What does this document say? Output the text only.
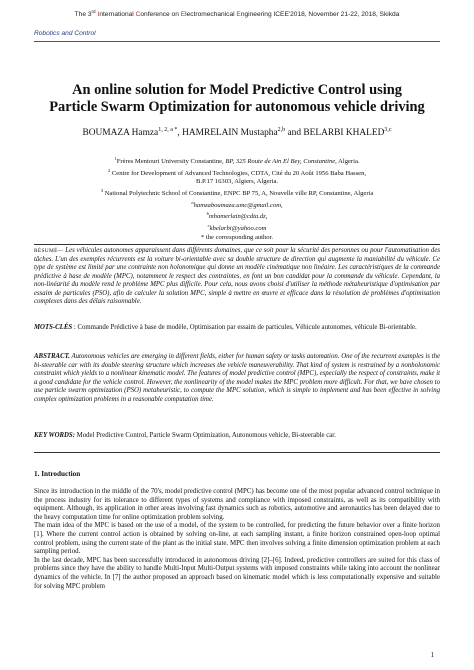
The 3rd International Conference on Electromechanical Engineering ICEE'2018, November 21-22, 2018, Skikda
Robotics and Control
An online solution for Model Predictive Control using
Particle Swarm Optimization for autonomous vehicle driving
BOUMAZA Hamza$^{1, 2, a *}$, HAMRELAIN Mustapha$^{2,b}$ and BELARBI KHALED$^{3,c}$
$^1$Frères Mentouri University Constantine, BP, 325 Route de Ain El Bey, Constantine, Algeria.
$^2$ Centre for Development of Advanced Technologies, CDTA, Cité du 20 Août 1956 Baba Hassen,
B.P.17 16303, Algiers, Algeria.
$^3$ National Polytechnic School of Constantine, ENPC BP 75, A, Nouvelle ville RP, Constantine, Algeria
$^a$hamzaboumaza.umc@gmail.com,
$^b$mhamerlain@cdta.dz,
$^c$kbelarbi@yahoo.com
* the corresponding author.
RÉSUMÉ— Les véhicules autonomes apparaissent dans différents domaines, que ce soit pour la sécurité des personnes ou pour l'automatisation des tâches. L'un des exemples récurrents est la voiture bi-orientable avec sa double structure de direction qui augmente la maniabilité du véhicule. Ce type de système est limité par une contrainte non holonomique qui donne un modèle cinématique non linéaire. Les caractéristiques de la commande prédictive à base de modèle (MPC), notamment le respect des contraintes, en font un bon candidat pour la commande du véhicule. Cependant, la non-linéarité du modèle rend le problème MPC plus difficile. Pour cela, nous avons choisi d'utiliser la méthode métaheuristique d'optimisation par essaim de particules (PSO), afin de calculer la solution MPC, simple à mettre en œuvre et efficace dans la résolution de problèmes d'optimisation complexes dans des délais raisonnable.
MOTS-CLÉS : Commande Prédictive à base de modèle, Optimisation par essaim de particules, Véhicule autonomes, véhicule Bi-orientable.
ABSTRACT. Autonomous vehicles are emerging in different fields, either for human safety or tasks automation. One of the recurrent examples is the bi-steerable car with its double steering structure which increases the vehicle maneuverability. That kind of system is restrained by a nonholonomic constraint which yields to a nonlinear kinematic model. The features of model predictive control (MPC), especially the respect of constraints, make it a good candidate for the vehicle control. However, the nonlinearity of the model makes the MPC problem more difficult. For that, we have chosen to use particle swarm optimization (PSO) metaheuristic, to compute the MPC solution, which is simple to implement and has been effective in solving complex optimization problems in a reasonable computation time.
KEY WORDS: Model Predictive Control, Particle Swarm Optimization, Autonomous vehicle, Bi-steerable car.
1. Introduction
Since its introduction in the middle of the 70's, model predictive control (MPC) has become one of the most popular advanced control technique in the process industry for its tolerance to different types of systems and compliance with imposed constraints, as well as its compatibility with equipment. Although, its application in other areas involving fast dynamics such as robotics, automotive and aeronautics has been delayed due to the heavy computation time for online optimization problem solving.
The main idea of the MPC is based on the use of a model, of the system to be controlled, for predicting the future behavior over a finite horizon [1]. Where the current control action is obtained by solving on-line, at each sampling instant, a finite horizon constrained open-loop optimal control problem, using the current state of the plant as the initial state. MPC then involves solving a finite dimension optimization problem at each sampling period.
In the last decade, MPC has been successfully introduced in autonomous driving [2]–[6]. Indeed, predictive controllers are suited for this class of problems since they have the ability to handle Multi-Input Multi-Output systems with imposed constraints while taking into account the nonlinear dynamics of the vehicle. In [7] the author proposed an approach based on kinematic model which is less computationally expensive and suitable for solving MPC problem
1
